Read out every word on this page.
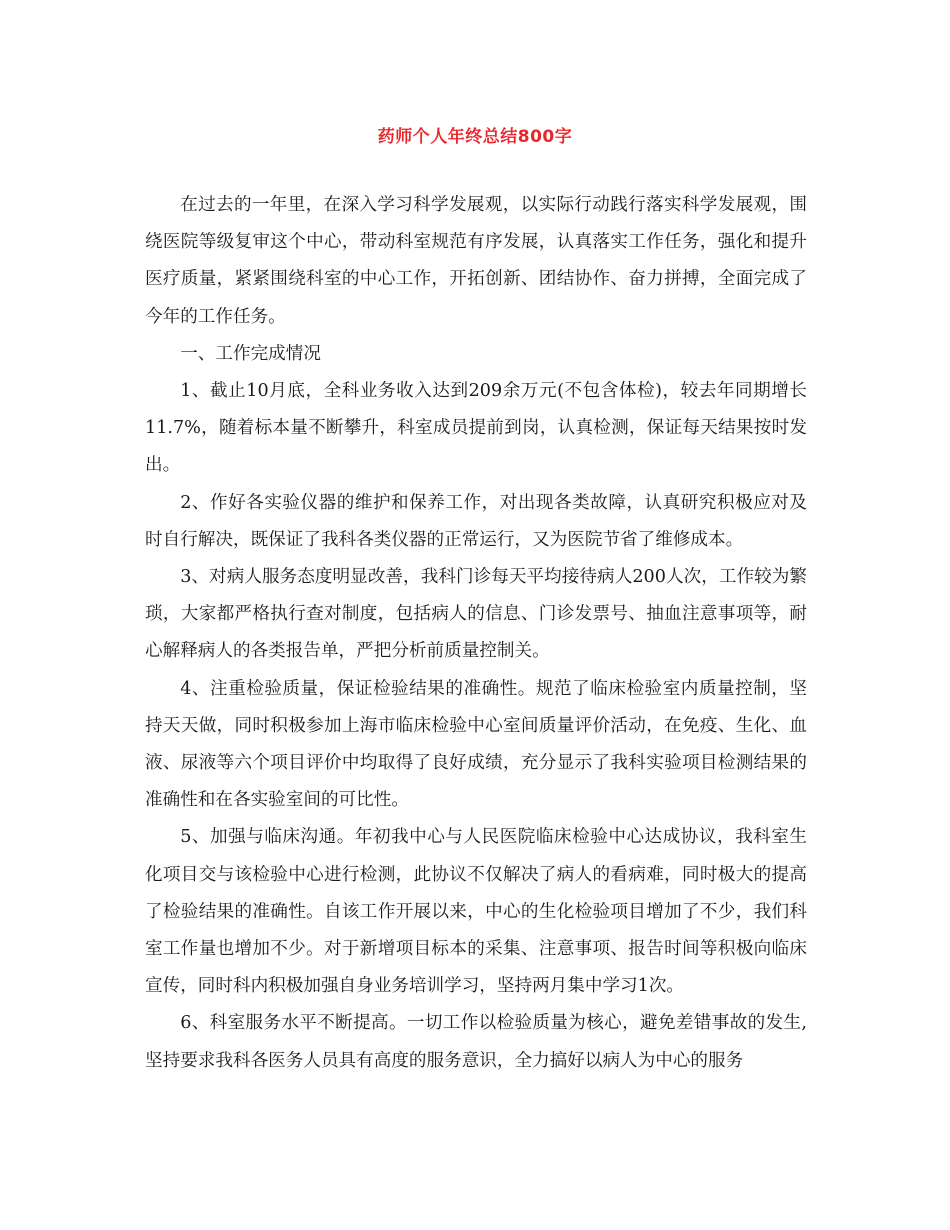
药师个人年终总结800字

在过去的一年里，在深入学习科学发展观，以实际行动践行落实科学发展观，围绕医院等级复审这个中心，带动科室规范有序发展，认真落实工作任务，强化和提升医疗质量，紧紧围绕科室的中心工作，开拓创新、团结协作、奋力拼搏，全面完成了今年的工作任务。

一、工作完成情况

1、截止10月底，全科业务收入达到209余万元(不包含体检)，较去年同期增长11.7%，随着标本量不断攀升，科室成员提前到岗，认真检测，保证每天结果按时发出。

2、作好各实验仪器的维护和保养工作，对出现各类故障，认真研究积极应对及时自行解决，既保证了我科各类仪器的正常运行，又为医院节省了维修成本。

3、对病人服务态度明显改善，我科门诊每天平均接待病人200人次，工作较为繁琐，大家都严格执行查对制度，包括病人的信息、门诊发票号、抽血注意事项等，耐心解释病人的各类报告单，严把分析前质量控制关。

4、注重检验质量，保证检验结果的准确性。规范了临床检验室内质量控制，坚持天天做，同时积极参加上海市临床检验中心室间质量评价活动，在免疫、生化、血液、尿液等六个项目评价中均取得了良好成绩，充分显示了我科实验项目检测结果的准确性和在各实验室间的可比性。

5、加强与临床沟通。年初我中心与人民医院临床检验中心达成协议，我科室生化项目交与该检验中心进行检测，此协议不仅解决了病人的看病难，同时极大的提高了检验结果的准确性。自该工作开展以来，中心的生化检验项目增加了不少，我们科室工作量也增加不少。对于新增项目标本的采集、注意事项、报告时间等积极向临床宣传，同时科内积极加强自身业务培训学习，坚持两月集中学习1次。

6、科室服务水平不断提高。一切工作以检验质量为核心，避免差错事故的发生,坚持要求我科各医务人员具有高度的服务意识，全力搞好以病人为中心的服务
